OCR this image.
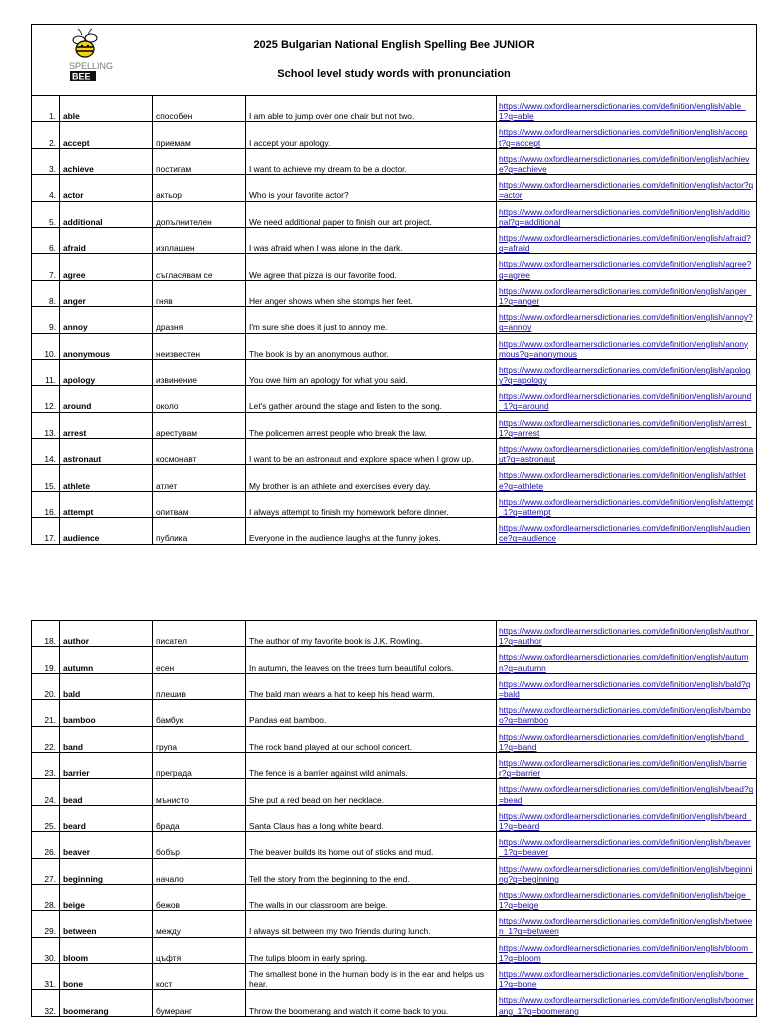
SPELLING
BEE
2025 Bulgarian National English Spelling Bee JUNIOR
School level study words with pronunciation				

1.	able	способен	I am able to jump over one chair but not two.	https://www.oxfordlearnersdictionaries.com/definition/english/able_1?q=able

2.	accept	приемам	I accept your apology.	https://www.oxfordlearnersdictionaries.com/definition/english/accept?q=accept

3.	achieve	постигам	I want to achieve my dream to be a doctor.	https://www.oxfordlearnersdictionaries.com/definition/english/achieve?q=achieve

4.	actor	актьор	Who is your favorite actor?	https://www.oxfordlearnersdictionaries.com/definition/english/actor?q=actor

5.	additional	допълнителен	We need additional paper to finish our art project.	https://www.oxfordlearnersdictionaries.com/definition/english/additional?q=additional

6.	afraid	изплашен	I was afraid when I was alone in the dark.	https://www.oxfordlearnersdictionaries.com/definition/english/afraid?q=afraid

7.	agree	съгласявам се	We agree that pizza is our favorite food.	https://www.oxfordlearnersdictionaries.com/definition/english/agree?q=agree

8.	anger	гняв	Her anger shows when she stomps her feet.	https://www.oxfordlearnersdictionaries.com/definition/english/anger_1?q=anger

9.	annoy	дразня	I'm sure she does it just to annoy me.	https://www.oxfordlearnersdictionaries.com/definition/english/annoy?q=annoy

10.	anonymous	неизвестен	The book is by an anonymous author.	https://www.oxfordlearnersdictionaries.com/definition/english/anonymous?q=anonymous

11.	apology	извинение	You owe him an apology for what you said.	https://www.oxfordlearnersdictionaries.com/definition/english/apology?q=apology

12.	around	около	Let's gather around the stage and listen to the song.	https://www.oxfordlearnersdictionaries.com/definition/english/around_1?q=around

13.	arrest	арестувам	The policemen arrest people who break the law.	https://www.oxfordlearnersdictionaries.com/definition/english/arrest_1?q=arrest

14.	astronaut	космонавт	I want to be an astronaut and explore space when I grow up.	https://www.oxfordlearnersdictionaries.com/definition/english/astronaut?q=astronaut

15.	athlete	атлет	My brother is an athlete and exercises every day.	https://www.oxfordlearnersdictionaries.com/definition/english/athlete?q=athlete

16.	attempt	опитвам	I always attempt to finish my homework before dinner.	https://www.oxfordlearnersdictionaries.com/definition/english/attempt_1?q=attempt

17.	audience	публика	Everyone in the audience laughs at the funny jokes.	https://www.oxfordlearnersdictionaries.com/definition/english/audience?q=audience
18.	author	писател	The author of my favorite book is J.K. Rowling.	https://www.oxfordlearnersdictionaries.com/definition/english/author_1?q=author

19.	autumn	есен	In autumn, the leaves on the trees turn beautiful colors.	https://www.oxfordlearnersdictionaries.com/definition/english/autumn?q=autumn

20.	bald	плешив	The bald man wears a hat to keep his head warm.	https://www.oxfordlearnersdictionaries.com/definition/english/bald?q=bald

21.	bamboo	бамбук	Pandas eat bamboo.	https://www.oxfordlearnersdictionaries.com/definition/english/bamboo?q=bamboo

22.	band	група	The rock band played at our school concert.	https://www.oxfordlearnersdictionaries.com/definition/english/band_1?q=band

23.	barrier	преграда	The fence is a barrier against wild animals.	https://www.oxfordlearnersdictionaries.com/definition/english/barrier?q=barrier

24.	bead	мънисто	She put a red bead on her necklace.	https://www.oxfordlearnersdictionaries.com/definition/english/bead?q=bead

25.	beard	брада	Santa Claus has a long white beard.	https://www.oxfordlearnersdictionaries.com/definition/english/beard_1?q=beard

26.	beaver	бобър	The beaver builds its home out of sticks and mud.	https://www.oxfordlearnersdictionaries.com/definition/english/beaver_1?q=beaver

27.	beginning	начало	Tell the story from the beginning to the end.	https://www.oxfordlearnersdictionaries.com/definition/english/beginning?q=beginning

28.	beige	бежов	The walls in our classroom are beige.	https://www.oxfordlearnersdictionaries.com/definition/english/beige_1?q=beige

29.	between	между	I always sit between my two friends during lunch.	https://www.oxfordlearnersdictionaries.com/definition/english/between_1?q=between

30.	bloom	цъфтя	The tulips bloom in early spring.	https://www.oxfordlearnersdictionaries.com/definition/english/bloom_1?q=bloom

31.	bone	кост	The smallest bone in the human body is in the ear and helps us hear.	https://www.oxfordlearnersdictionaries.com/definition/english/bone_1?q=bone

32.	boomerang	бумеранг	Throw the boomerang and watch it come back to you.	https://www.oxfordlearnersdictionaries.com/definition/english/boomerang_1?q=boomerang
